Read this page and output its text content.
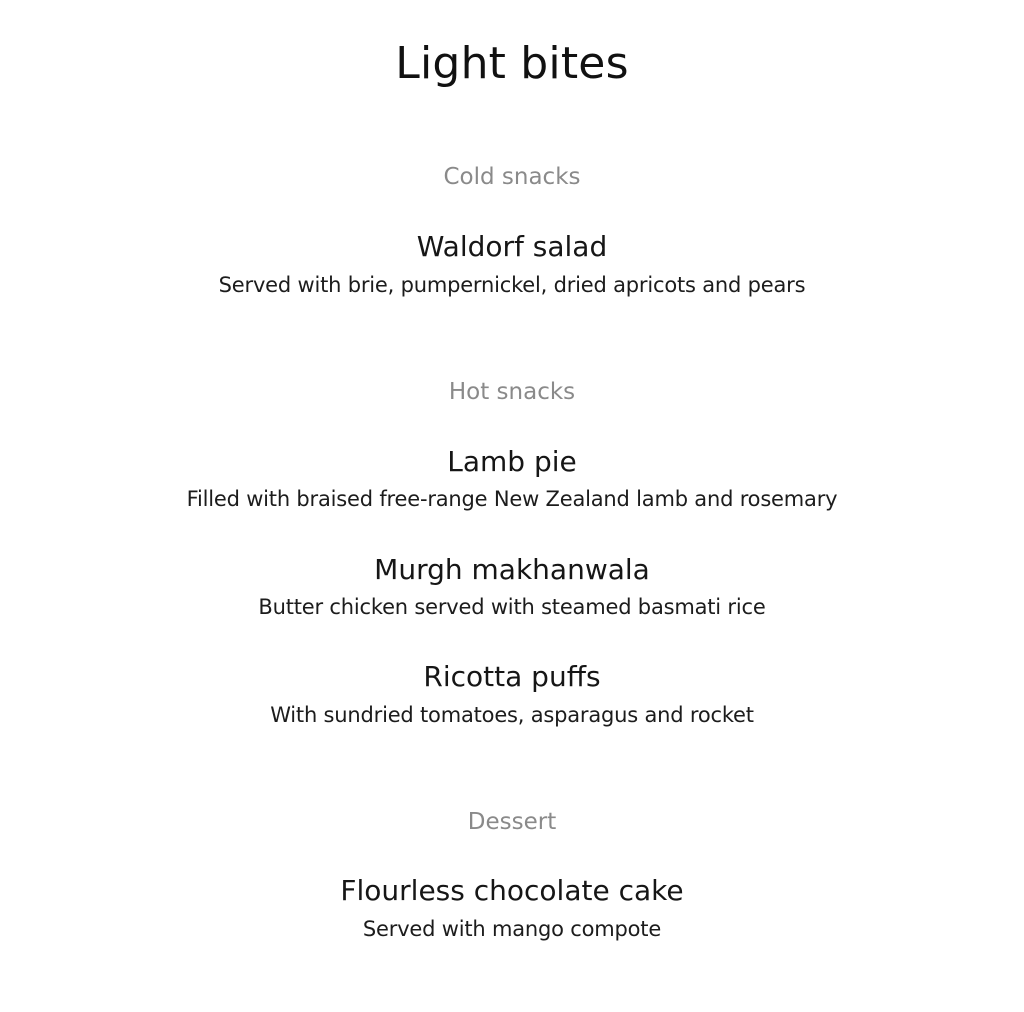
Light bites
Cold snacks
Waldorf salad
Served with brie, pumpernickel, dried apricots and pears
Hot snacks
Lamb pie
Filled with braised free-range New Zealand lamb and rosemary
Murgh makhanwala
Butter chicken served with steamed basmati rice
Ricotta puffs
With sundried tomatoes, asparagus and rocket
Dessert
Flourless chocolate cake
Served with mango compote
